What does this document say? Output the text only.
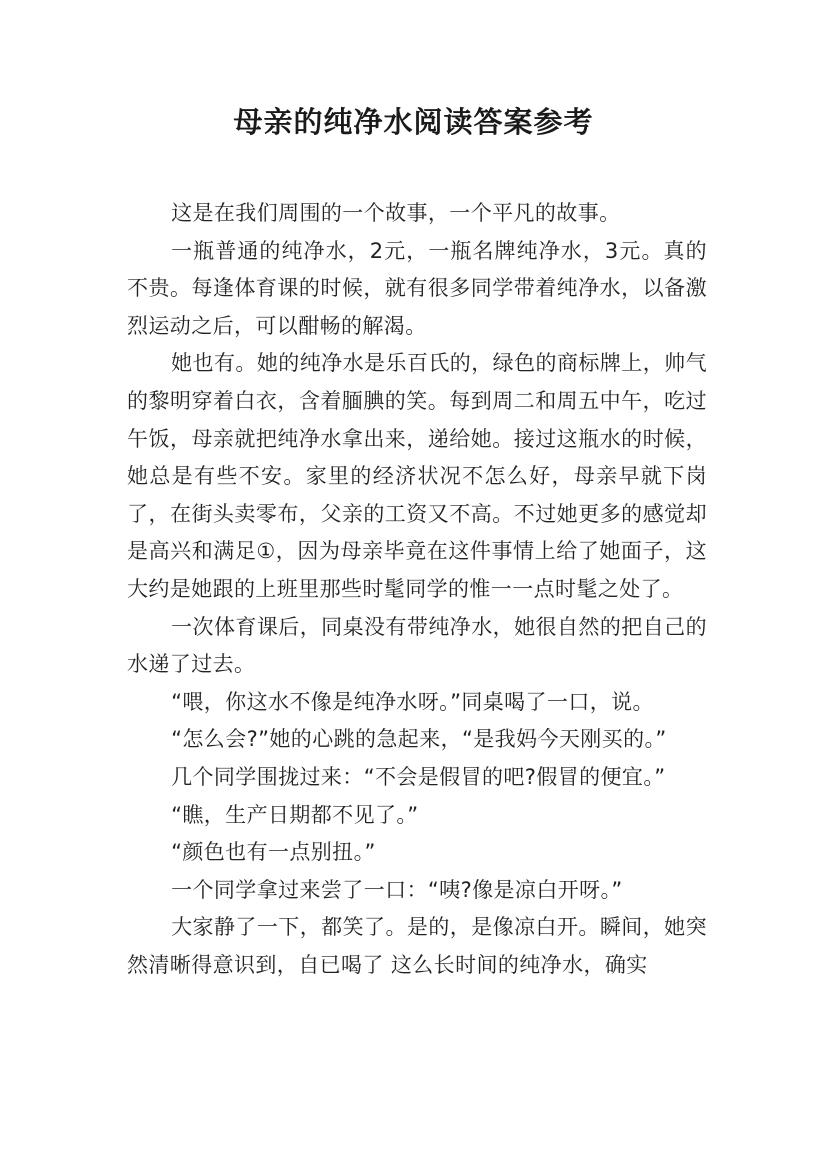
母亲的纯净水阅读答案参考

这是在我们周围的一个故事，一个平凡的故事。

一瓶普通的纯净水，2元，一瓶名牌纯净水，3元。真的不贵。每逢体育课的时候，就有很多同学带着纯净水，以备激烈运动之后，可以酣畅的解渴。

她也有。她的纯净水是乐百氏的，绿色的商标牌上，帅气的黎明穿着白衣，含着腼腆的笑。每到周二和周五中午，吃过午饭，母亲就把纯净水拿出来，递给她。接过这瓶水的时候，她总是有些不安。家里的经济状况不怎么好，母亲早就下岗了，在街头卖零布，父亲的工资又不高。不过她更多的感觉却是高兴和满足①，因为母亲毕竟在这件事情上给了她面子，这大约是她跟的上班里那些时髦同学的惟一一点时髦之处了。

一次体育课后，同桌没有带纯净水，她很自然的把自己的水递了过去。

“喂，你这水不像是纯净水呀。”同桌喝了一口，说。

“怎么会?”她的心跳的急起来，“是我妈今天刚买的。”

几个同学围拢过来：“不会是假冒的吧?假冒的便宜。”

“瞧，生产日期都不见了。”

“颜色也有一点别扭。”

一个同学拿过来尝了一口：“咦?像是凉白开呀。”

大家静了一下，都笑了。是的，是像凉白开。瞬间，她突然清晰得意识到，自已喝了 这么长时间的纯净水，确实
